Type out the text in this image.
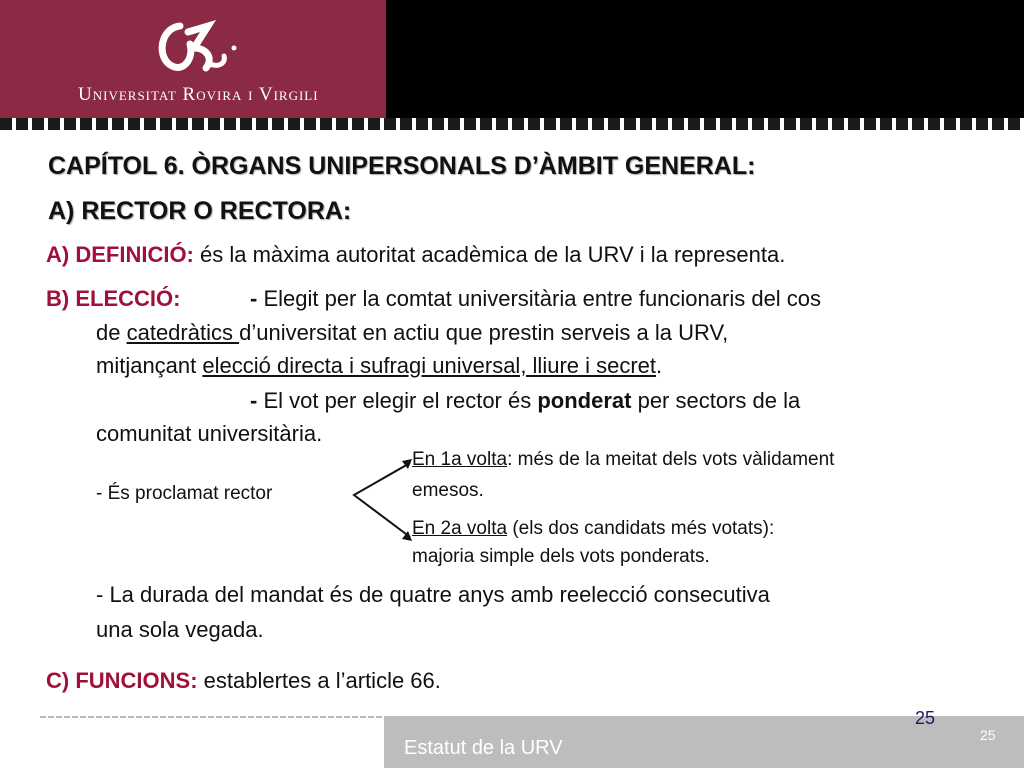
Universitat Rovira i Virgili
CAPÍTOL 6. ÒRGANS UNIPERSONALS D’ÀMBIT GENERAL:
A) RECTOR O RECTORA:
A) DEFINICIÓ: és la màxima autoritat acadèmica de la URV i la representa.
B) ELECCIÓ:	- Elegit per la comtat universitària entre funcionaris del cos
de catedràtics d’universitat en actiu que prestin serveis a la URV,
mitjançant elecció directa i sufragi universal, lliure i secret.
- El vot per elegir el rector és ponderat per sectors de la
comunitat universitària.
- És proclamat rector
En 1a volta: més de la meitat dels vots vàlidament
emesos.
En 2a volta (els dos candidats més votats):
majoria simple dels vots ponderats.
- La durada del mandat és de quatre anys amb reelecció consecutiva
una sola vegada.
C) FUNCIONS: establertes a l’article 66.
Estatut de la URV
25
25
